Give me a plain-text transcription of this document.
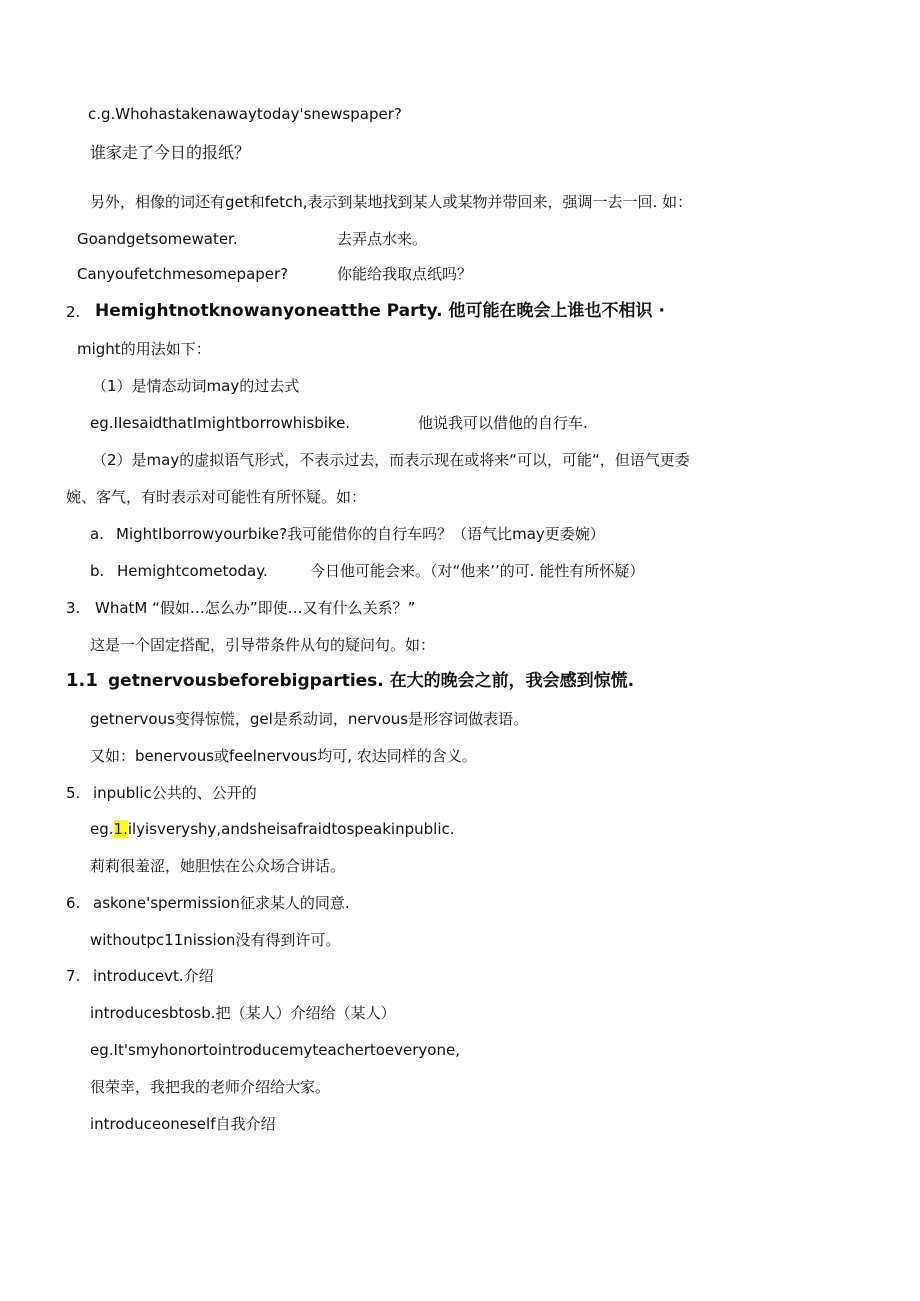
c.g.Whohastakenawaytoday'snewspaper?
谁家走了今日的报纸？
另外，相像的词还有get和fetch,表示到某地找到某人或某物并带回来，强调一去一回. 如：
Goandgetsomewater.	去弄点水来。
Canyoufetchmesomepaper?	你能给我取点纸吗？
2. Hemightnotknowanyoneatthe Party. 他可能在晚会上谁也不相识 ·
might的用法如下：
（1）是情态动词may的过去式
eg.IIesaidthatImightborrowhisbike.	他说我可以借他的自行车.
（2）是may的虚拟语气形式，不表示过去，而表示现在或将来“可以，可能“，但语气更委
婉、客气，有时表示对可能性有所怀疑。如：
a. MightIborrowyourbike?我可能借你的自行车吗？（语气比may更委婉）
b. Hemightcometoday.	今日他可能会来。（对“他来’’的可. 能性有所怀疑）
3. WhatM “假如…怎么办”即使…又有什么关系？”
这是一个固定搭配，引导带条件从句的疑问句。如：
1.1 getnervousbeforebigparties. 在大的晚会之前，我会感到惊慌.
getnervous变得惊慌，gel是系动词，nervous是形容词做表语。
又如：benervous或feelnervous均可, 农达同样的含义。
5. inpublic公共的、公开的
eg.1.ilyisveryshy,andsheisafraidtospeakinpublic.
莉莉很羞涩，她胆怯在公众场合讲话。
6. askone'spermission征求某人的同意.
withoutpc11nission没有得到许可。
7. introducevt.介绍
introducesbtosb.把（某人）介绍给（某人）
eg.It'smyhonortointroducemyteachertoeveryone,
很荣幸，我把我的老师介绍给大家。
introduceoneself自我介绍
